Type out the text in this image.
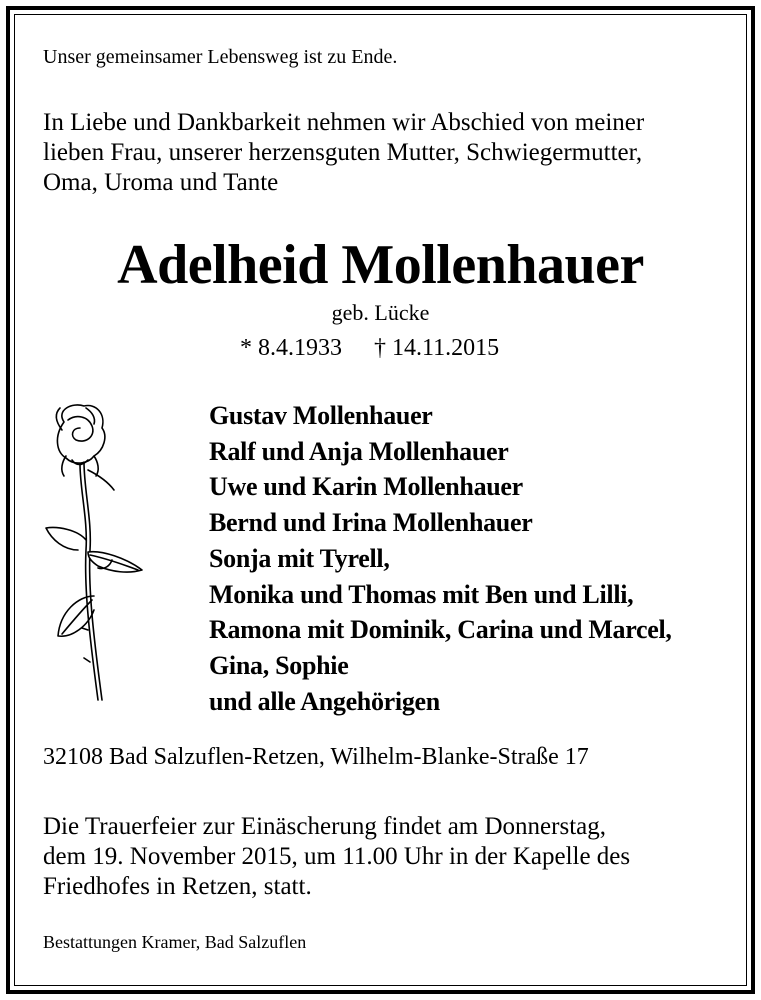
Unser gemeinsamer Lebensweg ist zu Ende.
In Liebe und Dankbarkeit nehmen wir Abschied von meiner
lieben Frau, unserer herzensguten Mutter, Schwiegermutter,
Oma, Uroma und Tante
Adelheid Mollenhauer
geb. Lücke
* 8.4.1933 † 14.11.2015
Gustav Mollenhauer
Ralf und Anja Mollenhauer
Uwe und Karin Mollenhauer
Bernd und Irina Mollenhauer
Sonja mit Tyrell,
Monika und Thomas mit Ben und Lilli,
Ramona mit Dominik, Carina und Marcel,
Gina, Sophie
und alle Angehörigen
32108 Bad Salzuflen-Retzen, Wilhelm-Blanke-Straße 17
Die Trauerfeier zur Einäscherung findet am Donnerstag,
dem 19. November 2015, um 11.00 Uhr in der Kapelle des
Friedhofes in Retzen, statt.
Bestattungen Kramer, Bad Salzuflen
